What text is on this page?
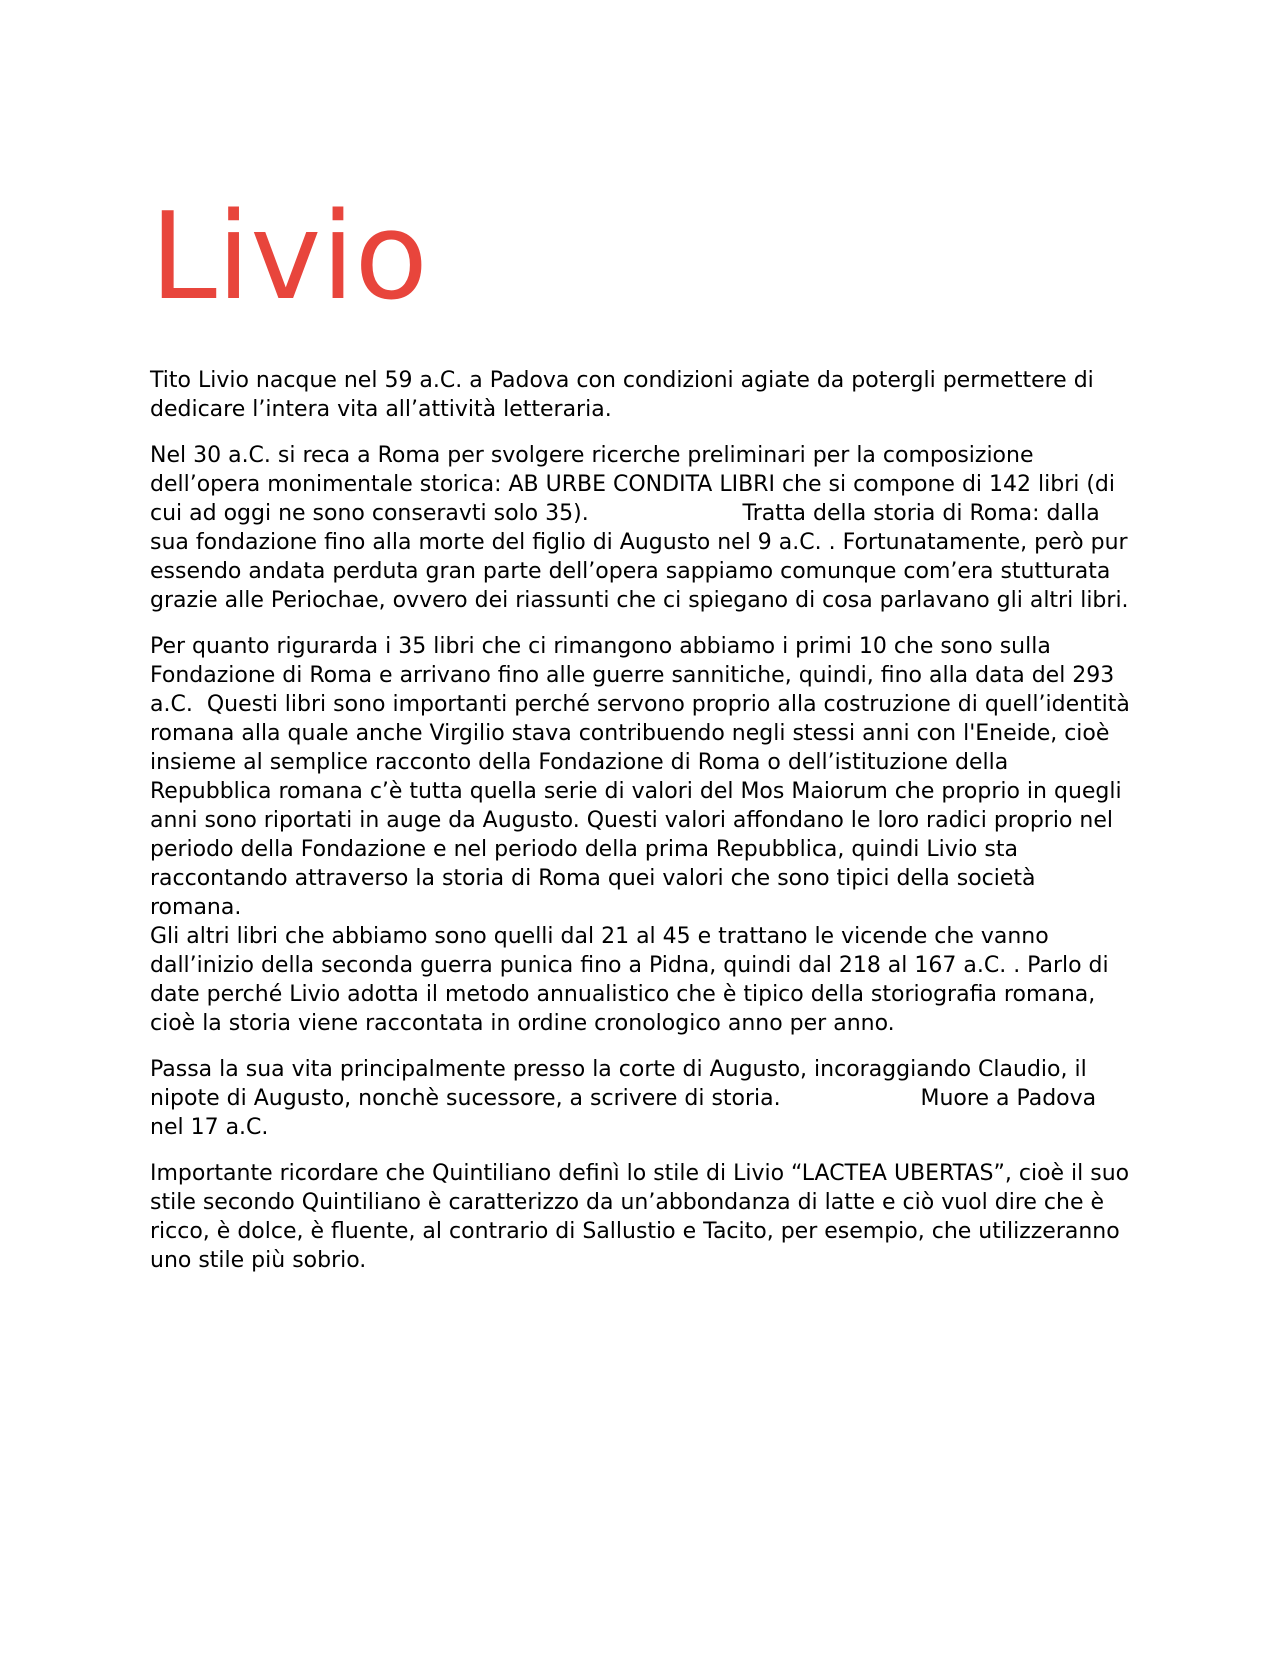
Livio

Tito Livio nacque nel 59 a.C. a Padova con condizioni agiate da potergli permettere di dedicare l’intera vita all’attività letteraria.

Nel 30 a.C. si reca a Roma per svolgere ricerche preliminari per la composizione dell’opera monimentale storica: AB URBE CONDITA LIBRI che si compone di 142 libri (di cui ad oggi ne sono conseravti solo 35).                      Tratta della storia di Roma: dalla sua fondazione fino alla morte del figlio di Augusto nel 9 a.C. . Fortunatamente, però pur essendo andata perduta gran parte dell’opera sappiamo comunque com’era stutturata grazie alle Periochae, ovvero dei riassunti che ci spiegano di cosa parlavano gli altri libri.

Per quanto rigurarda i 35 libri che ci rimangono abbiamo i primi 10 che sono sulla Fondazione di Roma e arrivano fino alle guerre sannitiche, quindi, fino alla data del 293 a.C.  Questi libri sono importanti perché servono proprio alla costruzione di quell’identità romana alla quale anche Virgilio stava contribuendo negli stessi anni con l'Eneide, cioè insieme al semplice racconto della Fondazione di Roma o dell’istituzione della Repubblica romana c’è tutta quella serie di valori del Mos Maiorum che proprio in quegli anni sono riportati in auge da Augusto. Questi valori affondano le loro radici proprio nel periodo della Fondazione e nel periodo della prima Repubblica, quindi Livio sta raccontando attraverso la storia di Roma quei valori che sono tipici della società romana.

Gli altri libri che abbiamo sono quelli dal 21 al 45 e trattano le vicende che vanno dall’inizio della seconda guerra punica fino a Pidna, quindi dal 218 al 167 a.C. . Parlo di date perché Livio adotta il metodo annualistico che è tipico della storiografia romana, cioè la storia viene raccontata in ordine cronologico anno per anno.

Passa la sua vita principalmente presso la corte di Augusto, incoraggiando Claudio, il nipote di Augusto, nonchè sucessore, a scrivere di storia.                    Muore a Padova nel 17 a.C.

Importante ricordare che Quintiliano definì lo stile di Livio “LACTEA UBERTAS”, cioè il suo stile secondo Quintiliano è caratterizzo da un’abbondanza di latte e ciò vuol dire che è ricco, è dolce, è fluente, al contrario di Sallustio e Tacito, per esempio, che utilizzeranno uno stile più sobrio.
